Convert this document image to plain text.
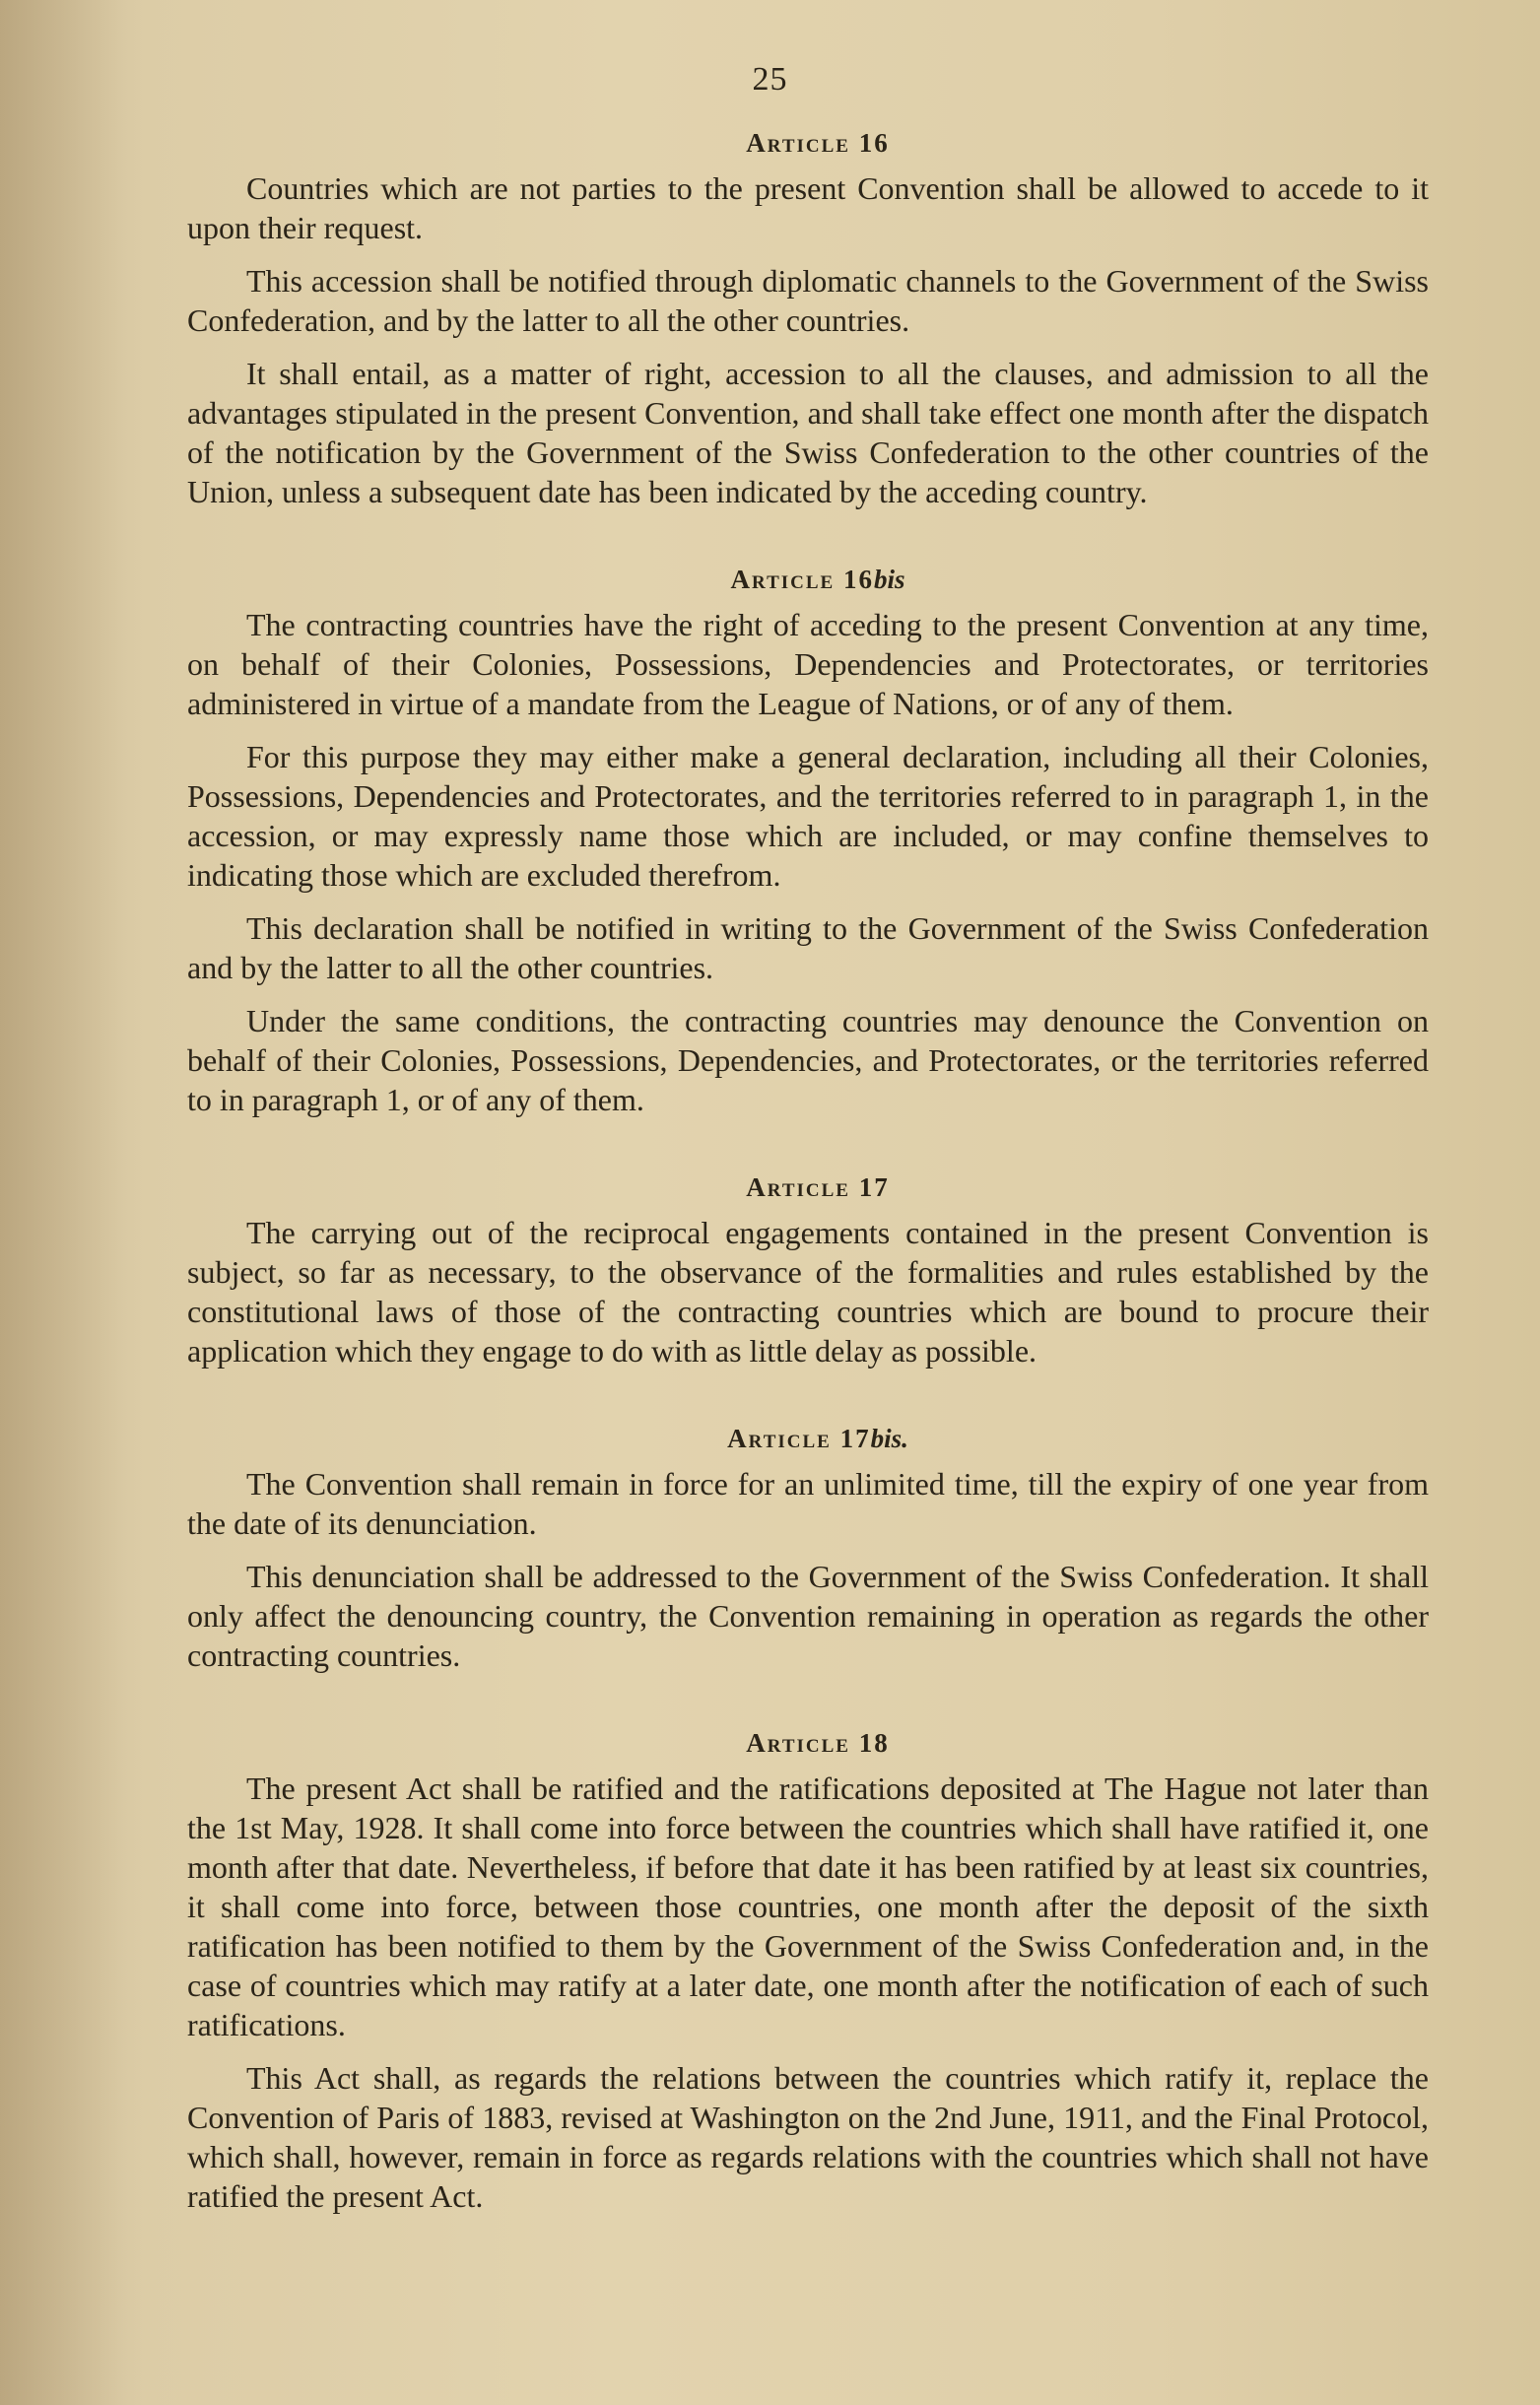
25
Article 16

Countries which are not parties to the present Convention shall be allowed to accede to it upon their request.

This accession shall be notified through diplomatic channels to the Government of the Swiss Confederation, and by the latter to all the other countries.

It shall entail, as a matter of right, accession to all the clauses, and admission to all the advantages stipulated in the present Convention, and shall take effect one month after the dispatch of the notification by the Government of the Swiss Confederation to the other countries of the Union, unless a subsequent date has been indicated by the acceding country.

Article 16bis

The contracting countries have the right of acceding to the present Convention at any time, on behalf of their Colonies, Possessions, Dependencies and Protectorates, or territories administered in virtue of a mandate from the League of Nations, or of any of them.

For this purpose they may either make a general declaration, including all their Colonies, Possessions, Dependencies and Protectorates, and the territories referred to in paragraph 1, in the accession, or may expressly name those which are included, or may confine themselves to indicating those which are excluded therefrom.

This declaration shall be notified in writing to the Government of the Swiss Confederation and by the latter to all the other countries.

Under the same conditions, the contracting countries may denounce the Convention on behalf of their Colonies, Possessions, Dependencies, and Protectorates, or the territories referred to in paragraph 1, or of any of them.

Article 17

The carrying out of the reciprocal engagements contained in the present Convention is subject, so far as necessary, to the observance of the formalities and rules established by the constitutional laws of those of the contracting countries which are bound to procure their application which they engage to do with as little delay as possible.

Article 17bis.

The Convention shall remain in force for an unlimited time, till the expiry of one year from the date of its denunciation.

This denunciation shall be addressed to the Government of the Swiss Confederation. It shall only affect the denouncing country, the Convention remaining in operation as regards the other contracting countries.

Article 18

The present Act shall be ratified and the ratifications deposited at The Hague not later than the 1st May, 1928. It shall come into force between the countries which shall have ratified it, one month after that date. Nevertheless, if before that date it has been ratified by at least six countries, it shall come into force, between those countries, one month after the deposit of the sixth ratification has been notified to them by the Government of the Swiss Confederation and, in the case of countries which may ratify at a later date, one month after the notification of each of such ratifications.

This Act shall, as regards the relations between the countries which ratify it, replace the Convention of Paris of 1883, revised at Washington on the 2nd June, 1911, and the Final Protocol, which shall, however, remain in force as regards relations with the countries which shall not have ratified the present Act.
